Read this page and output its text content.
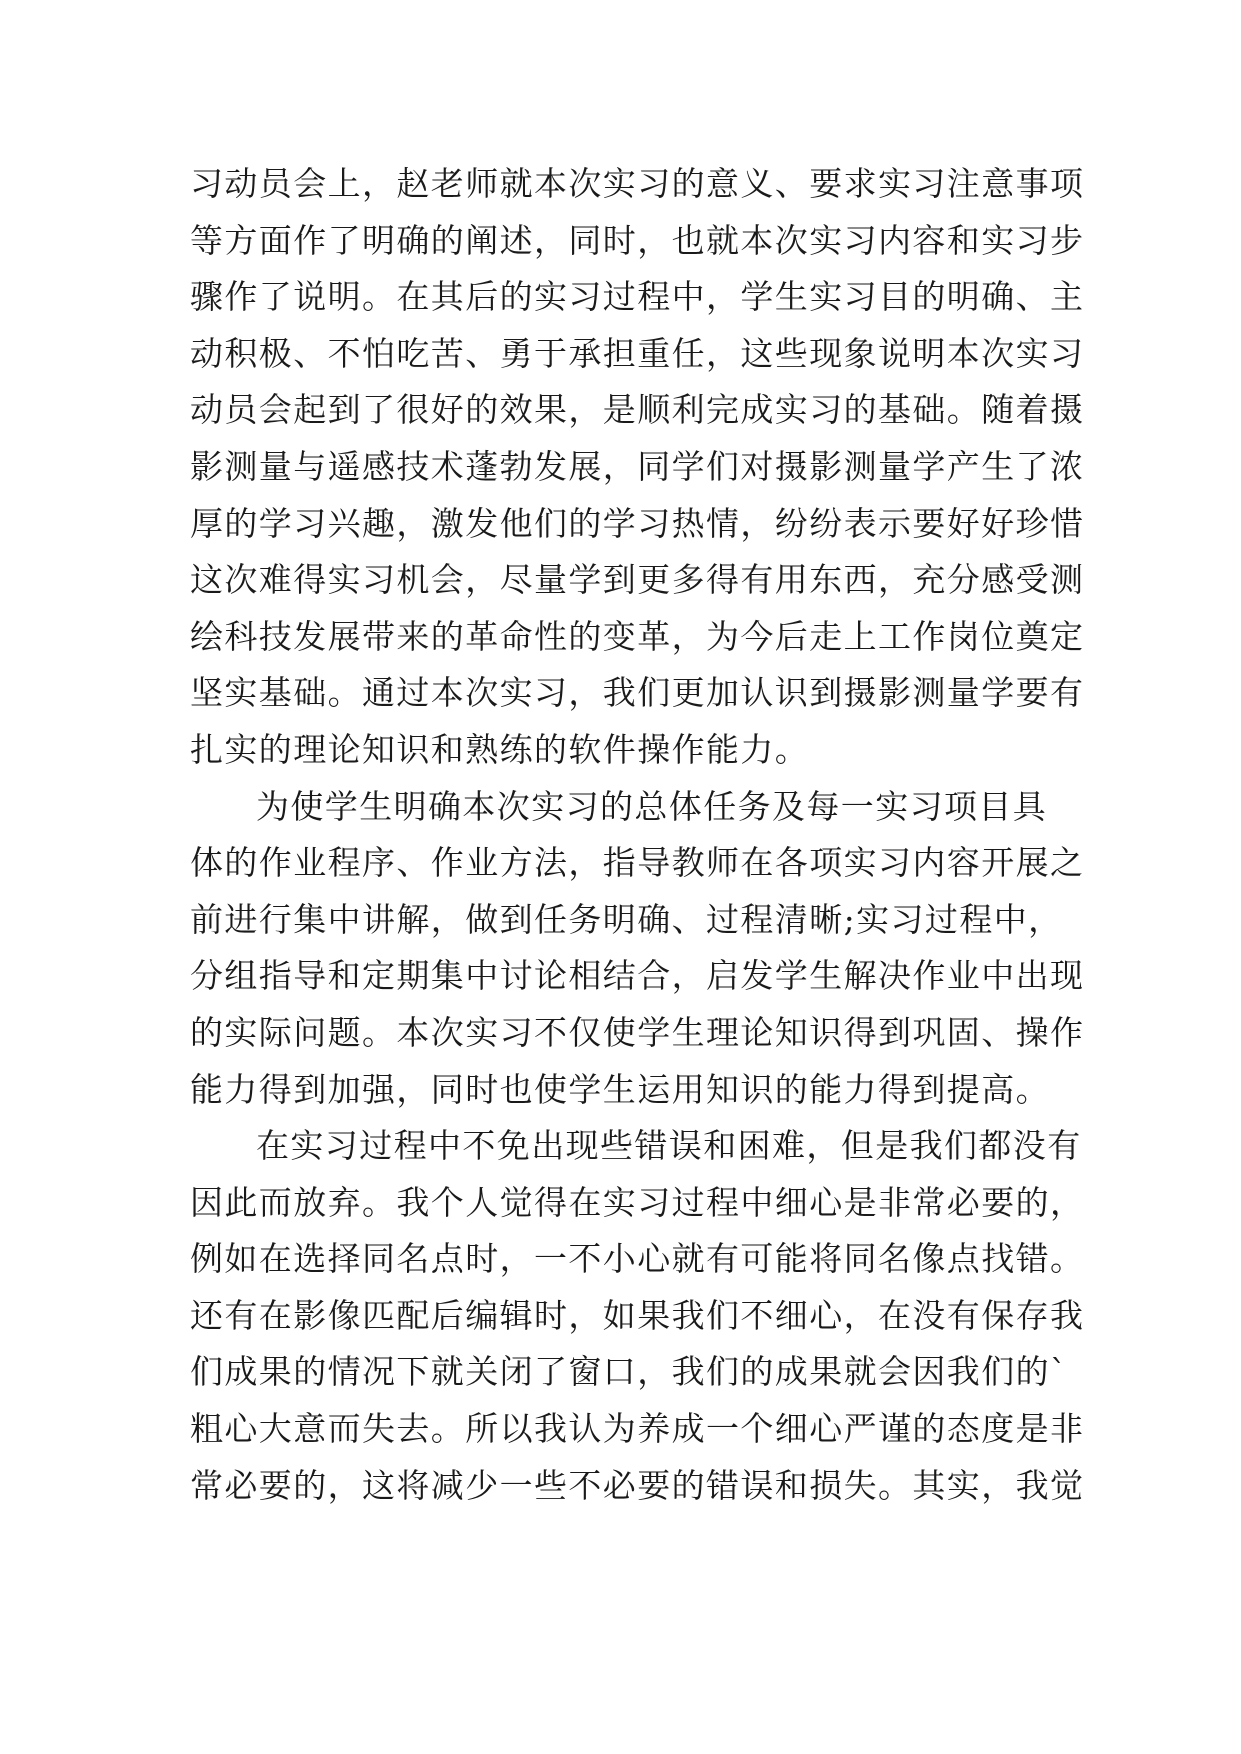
习动员会上，赵老师就本次实习的意义、要求实习注意事项
等方面作了明确的阐述，同时，也就本次实习内容和实习步
骤作了说明。在其后的实习过程中，学生实习目的明确、主
动积极、不怕吃苦、勇于承担重任，这些现象说明本次实习
动员会起到了很好的效果，是顺利完成实习的基础。随着摄
影测量与遥感技术蓬勃发展，同学们对摄影测量学产生了浓
厚的学习兴趣，激发他们的学习热情，纷纷表示要好好珍惜
这次难得实习机会，尽量学到更多得有用东西，充分感受测
绘科技发展带来的革命性的变革，为今后走上工作岗位奠定
坚实基础。通过本次实习，我们更加认识到摄影测量学要有
扎实的理论知识和熟练的软件操作能力。
为使学生明确本次实习的总体任务及每一实习项目具
体的作业程序、作业方法，指导教师在各项实习内容开展之
前进行集中讲解，做到任务明确、过程清晰;实习过程中，
分组指导和定期集中讨论相结合，启发学生解决作业中出现
的实际问题。本次实习不仅使学生理论知识得到巩固、操作
能力得到加强，同时也使学生运用知识的能力得到提高。
在实习过程中不免出现些错误和困难，但是我们都没有
因此而放弃。我个人觉得在实习过程中细心是非常必要的，
例如在选择同名点时，一不小心就有可能将同名像点找错。
还有在影像匹配后编辑时，如果我们不细心，在没有保存我
们成果的情况下就关闭了窗口，我们的成果就会因我们的`
粗心大意而失去。所以我认为养成一个细心严谨的态度是非
常必要的，这将减少一些不必要的错误和损失。其实，我觉
